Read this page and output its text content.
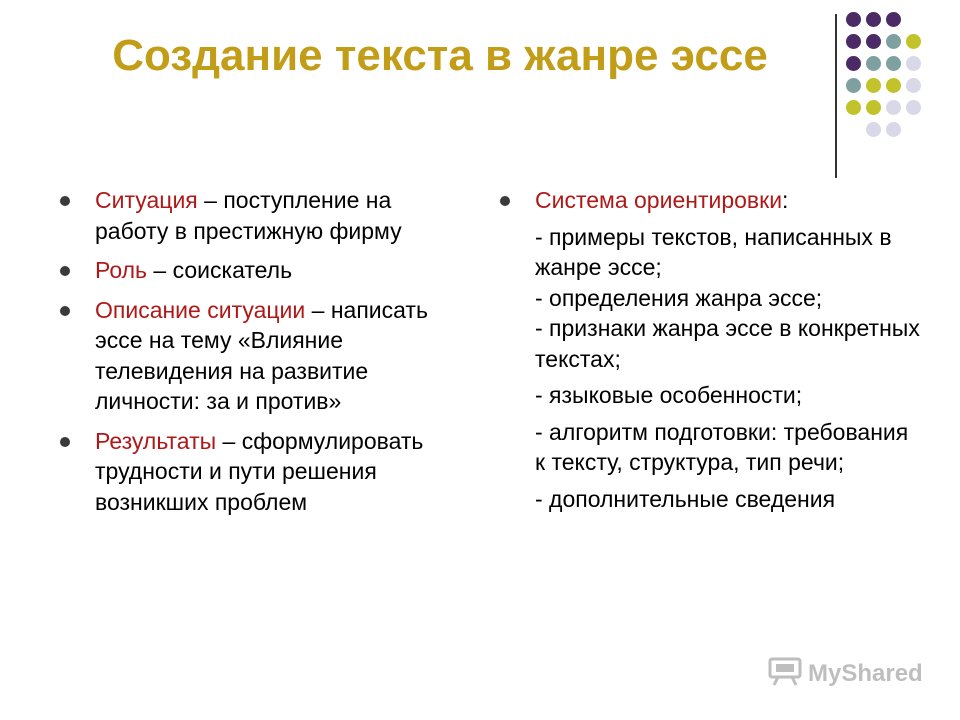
Создание текста в жанре эссе
Ситуация – поступление на работу в престижную фирму
Роль – соискатель
Описание ситуации – написать эссе на тему «Влияние телевидения на развитие личности: за и против»
Результаты – сформулировать трудности и пути решения возникших проблем
Система ориентировки:
- примеры текстов, написанных в жанре эссе;
- определения жанра эссе;
- признаки жанра эссе в конкретных текстах;
- языковые особенности;
- алгоритм подготовки: требования к тексту, структура, тип речи;
- дополнительные сведения
MyShared
